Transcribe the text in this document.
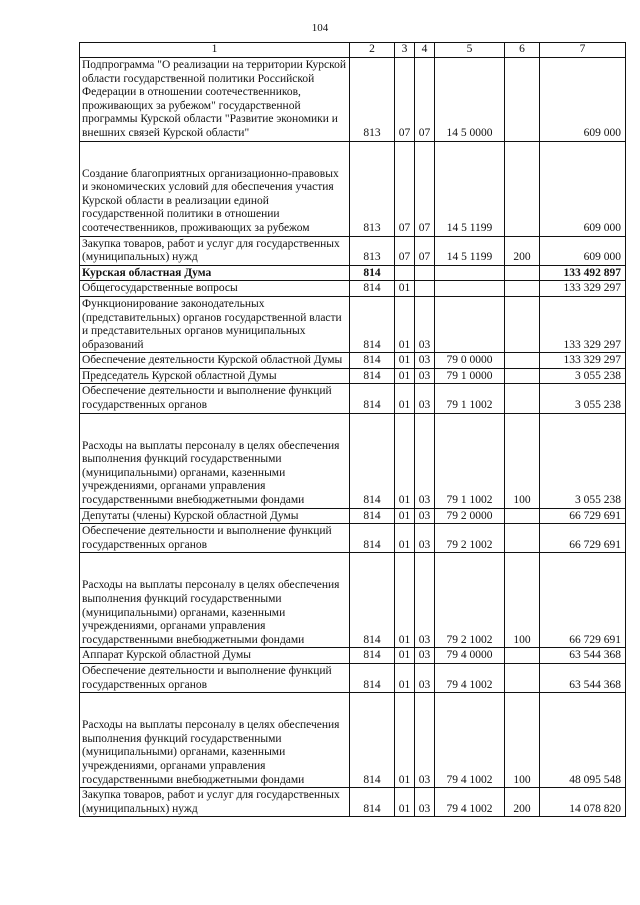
104
1	2	3	4	5	6	7
Подпрограмма "О реализации на территории Курской области государственной политики Российской Федерации в отношении соотечественников, проживающих за рубежом" государственной программы Курской области "Развитие экономики и внешних связей Курской области"	813	07	07	14 5 0000		609 000
Создание благоприятных организационно-правовых и экономических условий для обеспечения участия Курской области в реализации единой государственной политики в отношении соотечественников, проживающих за рубежом	813	07	07	14 5 1199		609 000
Закупка товаров, работ и услуг для государственных (муниципальных) нужд	813	07	07	14 5 1199	200	609 000
Курская областная Дума	814					133 492 897
Общегосударственные вопросы	814	01				133 329 297
Функционирование законодательных (представительных) органов государственной власти и представительных органов муниципальных образований	814	01	03			133 329 297
Обеспечение деятельности Курской областной Думы	814	01	03	79 0 0000		133 329 297
Председатель Курской областной Думы	814	01	03	79 1 0000		3 055 238
Обеспечение деятельности и выполнение функций государственных органов	814	01	03	79 1 1002		3 055 238
Расходы на выплаты персоналу в целях обеспечения выполнения функций государственными (муниципальными) органами, казенными учреждениями, органами управления государственными внебюджетными фондами	814	01	03	79 1 1002	100	3 055 238
Депутаты (члены) Курской областной Думы	814	01	03	79 2 0000		66 729 691
Обеспечение деятельности и выполнение функций государственных органов	814	01	03	79 2 1002		66 729 691
Расходы на выплаты персоналу в целях обеспечения выполнения функций государственными (муниципальными) органами, казенными учреждениями, органами управления государственными внебюджетными фондами	814	01	03	79 2 1002	100	66 729 691
Аппарат Курской областной Думы	814	01	03	79 4 0000		63 544 368
Обеспечение деятельности и выполнение функций государственных органов	814	01	03	79 4 1002		63 544 368
Расходы на выплаты персоналу в целях обеспечения выполнения функций государственными (муниципальными) органами, казенными учреждениями, органами управления государственными внебюджетными фондами	814	01	03	79 4 1002	100	48 095 548
Закупка товаров, работ и услуг для государственных (муниципальных) нужд	814	01	03	79 4 1002	200	14 078 820
